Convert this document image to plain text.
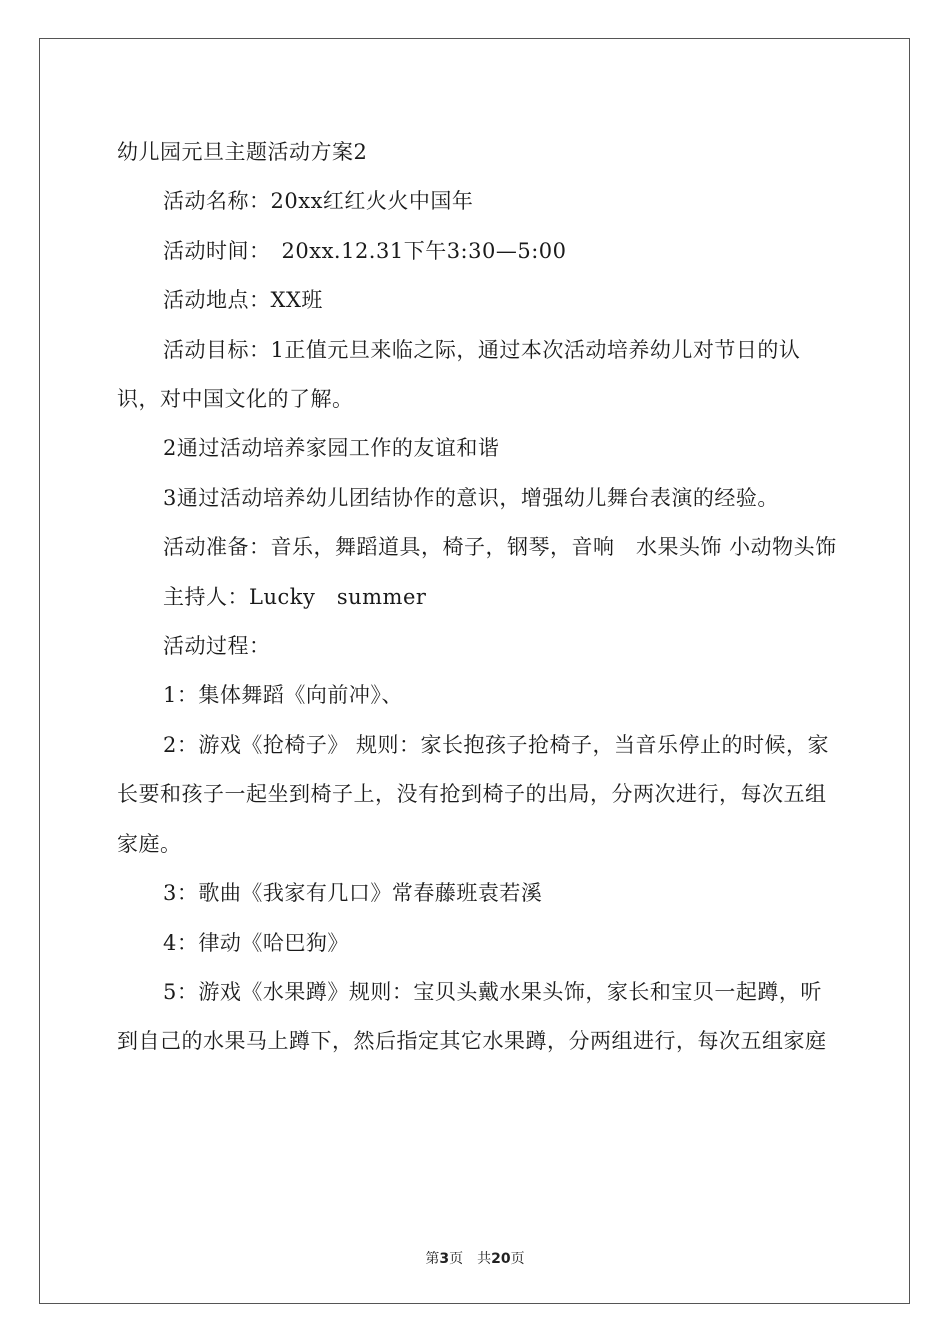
幼儿园元旦主题活动方案2

活动名称：20xx红红火火中国年

活动时间：　20xx.12.31下午3:30—5:00

活动地点：XX班

活动目标：1正值元旦来临之际，通过本次活动培养幼儿对节日的认识，对中国文化的了解。

2通过活动培养家园工作的友谊和谐

3通过活动培养幼儿团结协作的意识，增强幼儿舞台表演的经验。

活动准备：音乐，舞蹈道具，椅子，钢琴，音响　水果头饰 小动物头饰

主持人：Lucky　summer

活动过程：

1：集体舞蹈《向前冲》、

2：游戏《抢椅子》 规则：家长抱孩子抢椅子，当音乐停止的时候，家长要和孩子一起坐到椅子上，没有抢到椅子的出局，分两次进行，每次五组家庭。

3：歌曲《我家有几口》常春藤班袁若溪

4：律动《哈巴狗》

5：游戏《水果蹲》规则：宝贝头戴水果头饰，家长和宝贝一起蹲，听到自己的水果马上蹲下，然后指定其它水果蹲，分两组进行，每次五组家庭

第3页　共20页
